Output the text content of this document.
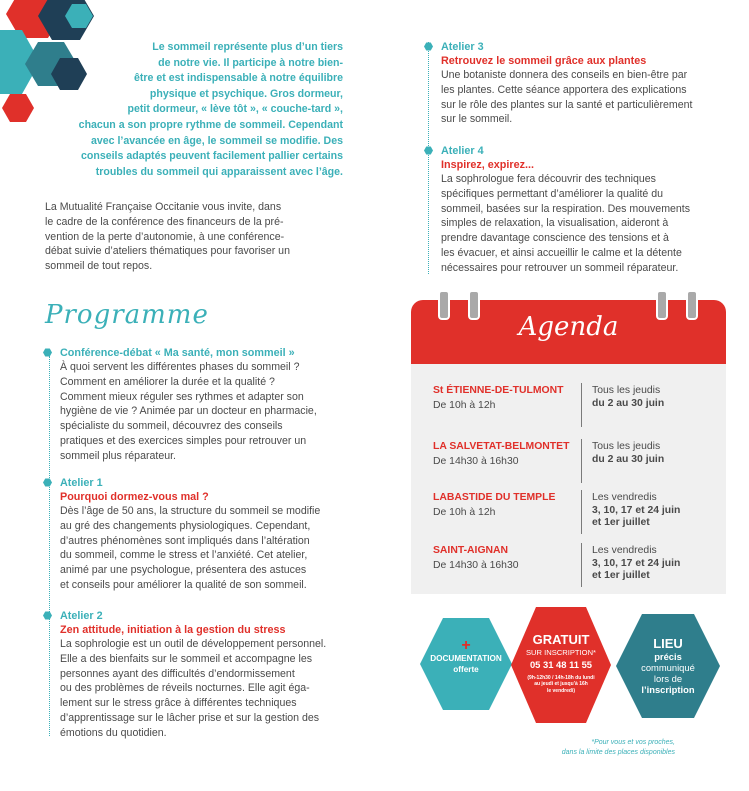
Le sommeil représente plus d’un tiers
de notre vie. Il participe à notre bien-
être et est indispensable à notre équilibre
physique et psychique. Gros dormeur,
petit dormeur, « lève tôt », « couche-tard »,
chacun a son propre rythme de sommeil. Cependant
avec l’avancée en âge, le sommeil se modifie. Des
conseils adaptés peuvent facilement pallier certains
troubles du sommeil qui apparaissent avec l’âge.
La Mutualité Française Occitanie vous invite, dans
le cadre de la conférence des financeurs de la pré-
vention de la perte d’autonomie, à une conférence-
débat suivie d’ateliers thématiques pour favoriser un
sommeil de tout repos.
Programme
Conférence-débat « Ma santé, mon sommeil »
À quoi servent les différentes phases du sommeil ?
Comment en améliorer la durée et la qualité ?
Comment mieux réguler ses rythmes et adapter son
hygiène de vie ? Animée par un docteur en pharmacie,
spécialiste du sommeil, découvrez des conseils
pratiques et des exercices simples pour retrouver un
sommeil plus réparateur.
Atelier 1
Pourquoi dormez-vous mal ?
Dès l’âge de 50 ans, la structure du sommeil se modifie
au gré des changements physiologiques. Cependant,
d’autres phénomènes sont impliqués dans l’altération
du sommeil, comme le stress et l’anxiété. Cet atelier,
animé par une psychologue, présentera des astuces
et conseils pour améliorer la qualité de son sommeil.
Atelier 2
Zen attitude, initiation à la gestion du stress
La sophrologie est un outil de développement personnel.
Elle a des bienfaits sur le sommeil et accompagne les
personnes ayant des difficultés d’endormissement
ou des problèmes de réveils nocturnes. Elle agit éga-
lement sur le stress grâce à différentes techniques
d’apprentissage sur le lâcher prise et sur la gestion des
émotions du quotidien.
Atelier 3
Retrouvez le sommeil grâce aux plantes
Une botaniste donnera des conseils en bien-être par
les plantes. Cette séance apportera des explications
sur le rôle des plantes sur la santé et particulièrement
sur le sommeil.
Atelier 4
Inspirez, expirez...
La sophrologue fera découvrir des techniques
spécifiques permettant d’améliorer la qualité du
sommeil, basées sur la respiration. Des mouvements
simples de relaxation, la visualisation, aideront à
prendre davantage conscience des tensions et à
les évacuer, et ainsi accueillir le calme et la détente
nécessaires pour retrouver un sommeil réparateur.
Agenda
St ÉTIENNE-DE-TULMONT
De 10h à 12h
Tous les jeudis
du 2 au 30 juin
LA SALVETAT-BELMONTET
De 14h30 à 16h30
Tous les jeudis
du 2 au 30 juin
LABASTIDE DU TEMPLE
De 10h à 12h
Les vendredis
3, 10, 17 et 24 juin
et 1er juillet
SAINT-AIGNAN
De 14h30 à 16h30
Les vendredis
3, 10, 17 et 24 juin
et 1er juillet
+
DOCUMENTATION
offerte
GRATUIT
SUR INSCRIPTION*
05 31 48 11 55
(9h-12h30 / 14h-18h du lundi
au jeudi et jusqu’à 16h
le vendredi)
LIEU
précis
communiqué
lors de
l’inscription
*Pour vous et vos proches,
dans la limite des places disponibles
